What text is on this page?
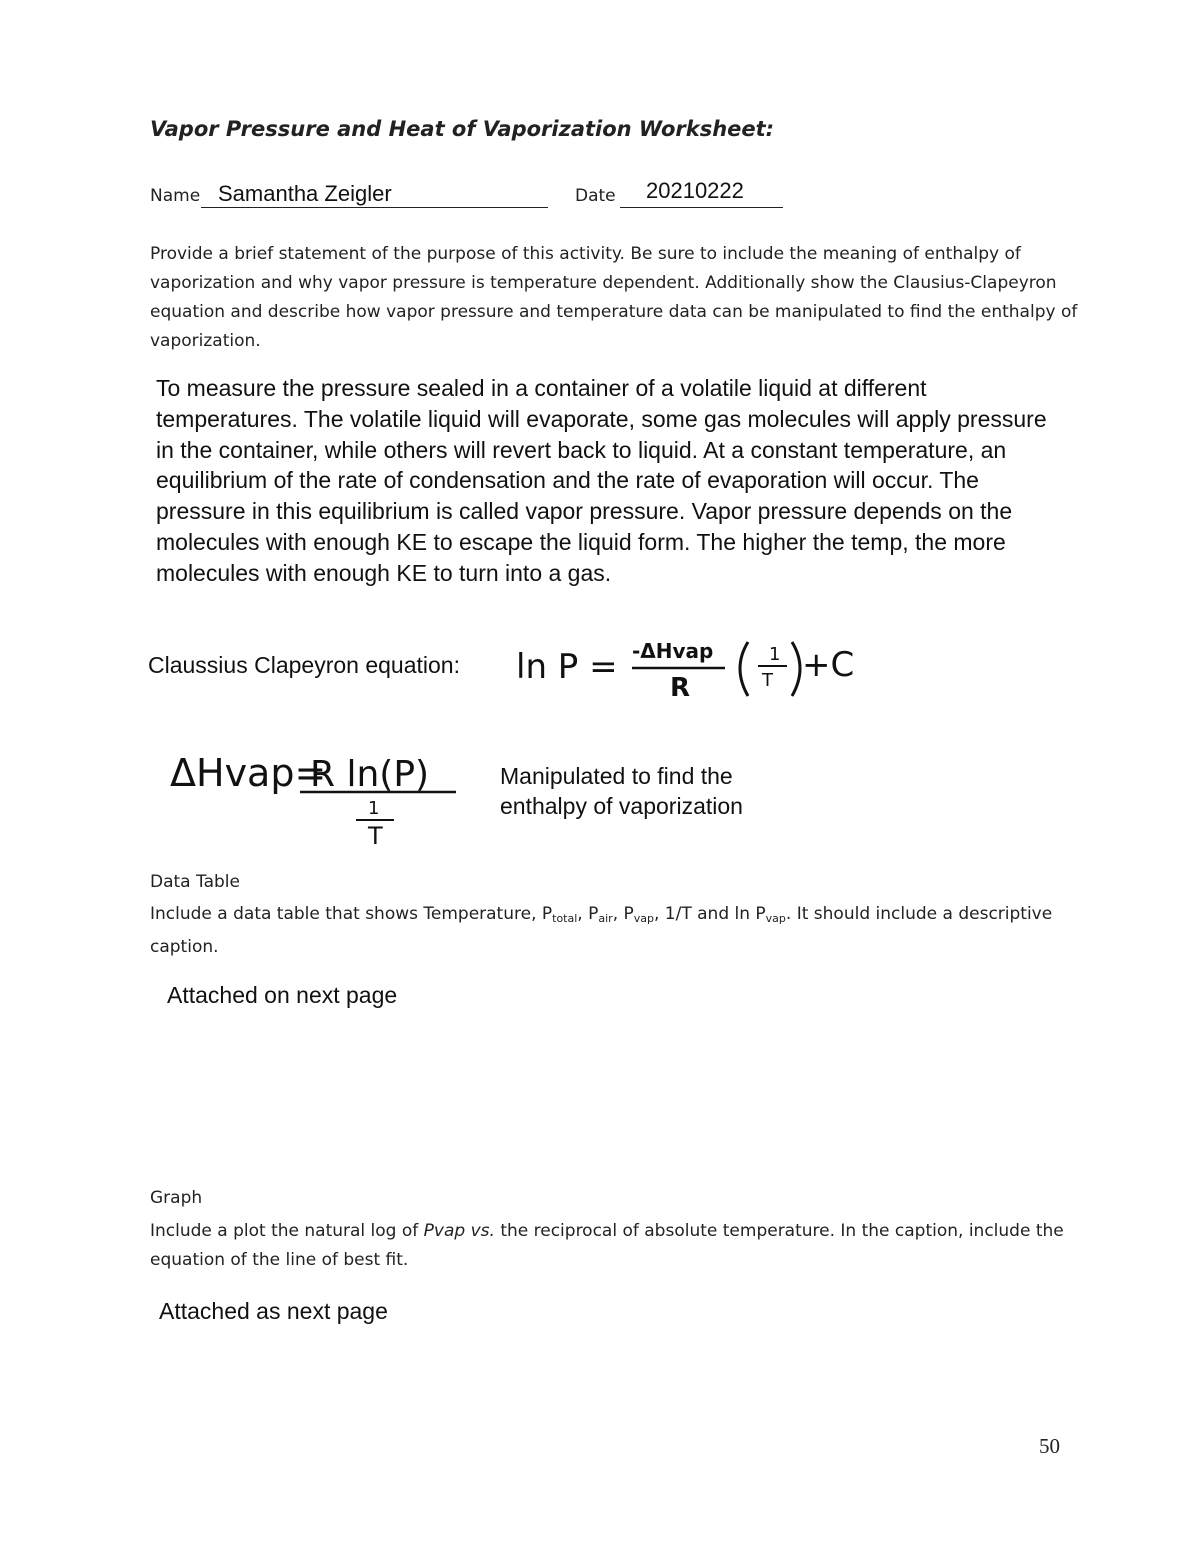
Vapor Pressure and Heat of Vaporization Worksheet:
Name Samantha Zeigler	Date 20210222
Provide a brief statement of the purpose of this activity. Be sure to include the meaning of enthalpy of vaporization and why vapor pressure is temperature dependent. Additionally show the Clausius-Clapeyron equation and describe how vapor pressure and temperature data can be manipulated to find the enthalpy of vaporization.
To measure the pressure sealed in a container of a volatile liquid at different temperatures. The volatile liquid will evaporate, some gas molecules will apply pressure in the container, while others will revert back to liquid. At a constant temperature, an equilibrium of the rate of condensation and the rate of evaporation will occur. The pressure in this equilibrium is called vapor pressure. Vapor pressure depends on the molecules with enough KE to escape the liquid form. The higher the temp, the more molecules with enough KE to turn into a gas.
Claussius Clapeyron equation: ln P = -ΔHvap
R
1
T +C
ΔHvap=
R ln(P)
1
T
Manipulated to find the enthalpy of vaporization
Data Table
Include a data table that shows Temperature, $P_{total}$, $P_{air}$, $P_{vap}$, 1/T and $\ln P_{vap}$. It should include a descriptive caption.
Attached on next page
Graph
Include a plot the natural log of Pvap vs. the reciprocal of absolute temperature. In the caption, include the equation of the line of best fit.
Attached as next page
50
